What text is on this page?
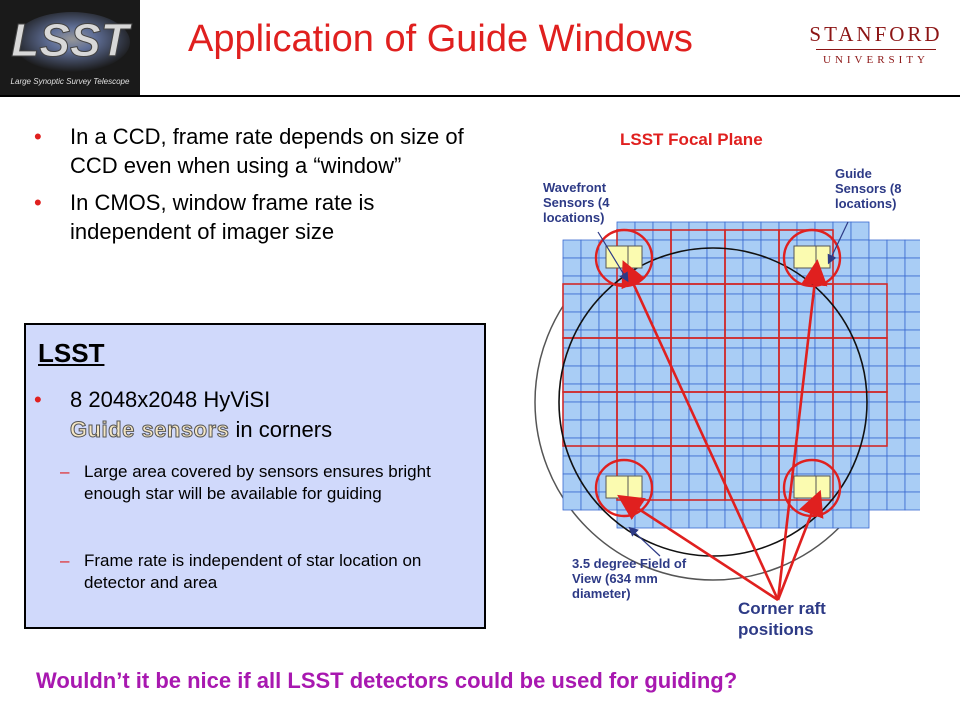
LSST
Large Synoptic Survey Telescope
Application of Guide Windows	STANFORD
UNIVERSITY
• In a CCD, frame rate depends on size of CCD even when using a “window”
• In CMOS, window frame rate is independent of imager size
LSST
• 8 2048x2048 HyViSI
Guide sensors in corners
– Large area covered by sensors ensures bright enough star will be available for guiding
– Frame rate is independent of star location on detector and area
LSST Focal Plane
Wavefront Sensors (4 locations)
Guide Sensors (8 locations)
3.5 degree Field of View (634 mm diameter)
Corner raft positions
Wouldn’t it be nice if all LSST detectors could be used for guiding?
